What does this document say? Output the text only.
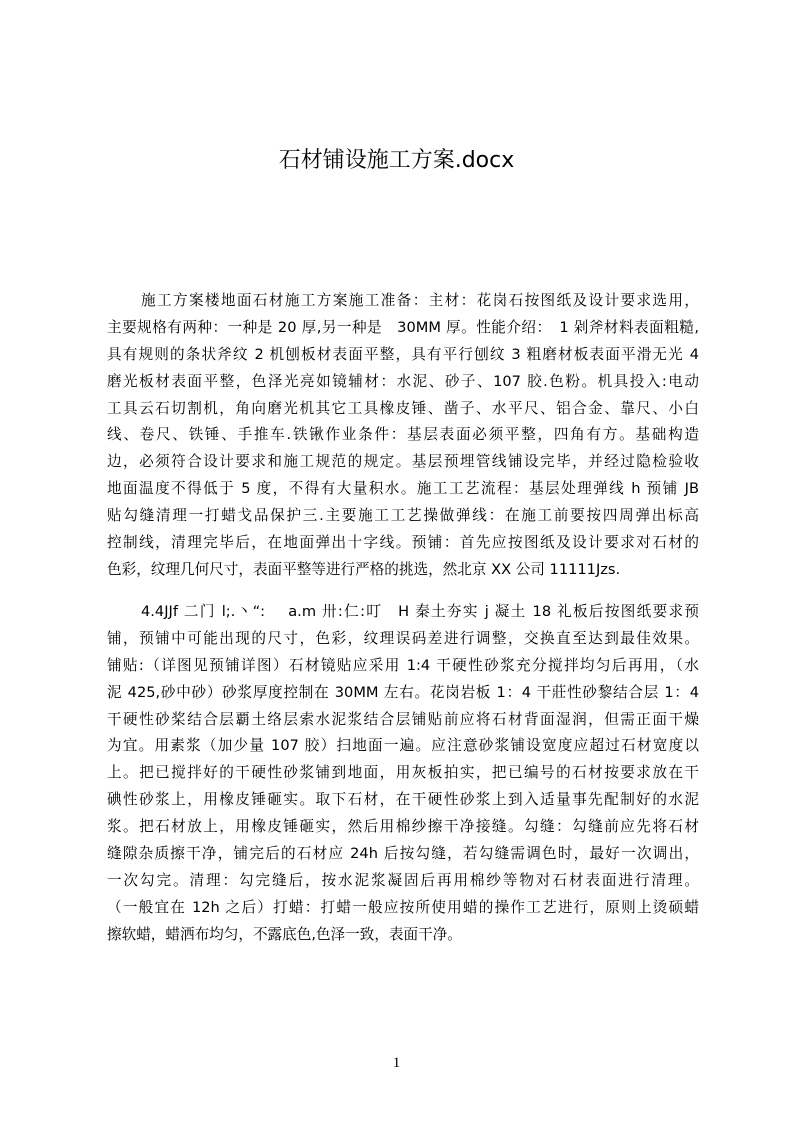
石材铺设施工方案.docx
施工方案楼地面石材施工方案施工准备：主材：花岗石按图纸及设计要求选用，
主要规格有两种：一种是 20 厚,另一种是　30MM 厚。性能介绍：　1 剁斧材料表面粗糙,
具有规则的条状斧纹 2 机刨板材表面平整，具有平行刨纹 3 粗磨材板表面平滑无光 4
磨光板材表面平整，色泽光亮如镜辅材：水泥、砂子、107 胶.色粉。机具投入:电动
工具云石切割机，角向磨光机其它工具橡皮锤、凿子、水平尺、铝合金、靠尺、小白
线、卷尺、铁锤、手推车.铁锹作业条件：基层表面必须平整，四角有方。基础构造
边，必须符合设计要求和施工规范的规定。基层预埋管线铺设完毕，并经过隐检验收
地面温度不得低于 5 度，不得有大量积水。施工工艺流程：基层处理弹线 h 预铺 JB
贴勾缝清理一打蜡戈品保护三.主要施工工艺操做弹线：在施工前要按四周弹出标高
控制线，清理完毕后，在地面弹出十字线。预铺：首先应按图纸及设计要求对石材的
色彩，纹理几何尺寸，表面平整等进行严格的挑选，然北京 XX 公司 11111Jzs.
4.4JJf 二门 l;.丶“:　 a.m 卅:仁:叮　H 秦土夯实 j 凝土 18 礼板后按图纸要求预
铺，预铺中可能出现的尺寸，色彩，纹理误码差进行调整，交换直至达到最佳效果。
铺贴:（详图见预铺详图）石材镜贴应采用 1:4 干硬性砂浆充分搅拌均匀后再用，（水
泥 425,砂中砂）砂浆厚度控制在 30MM 左右。花岗岩板 1：4 干莊性砂黎结合层 1：4
干硬性砂桨结合层覇土络层索水泥浆结合层铺贴前应将石材背面湿润，但需正面干燥
为宜。用素浆（加少量 107 胶）扫地面一遍。应注意砂浆铺设宽度应超过石材宽度以
上。把已搅拌好的干硬性砂浆铺到地面，用灰板拍实，把已编号的石材按要求放在干
碘性砂浆上，用橡皮锤砸实。取下石材，在干硬性砂浆上到入适量事先配制好的水泥
浆。把石材放上，用橡皮锤砸实，然后用棉纱擦干净接缝。勾缝：勾缝前应先将石材
缝隙杂质擦干净，铺完后的石材应 24h 后按勾缝，若勾缝需调色时，最好一次调出，
一次勾完。清理：勾完缝后，按水泥浆凝固后再用棉纱等物对石材表面进行清理。
（一般宜在 12h 之后）打蜡：打蜡一般应按所使用蜡的操作工艺进行，原则上烫硕蜡
擦软蜡，蜡洒布均匀，不露底色,色泽一致，表面干净。
1
